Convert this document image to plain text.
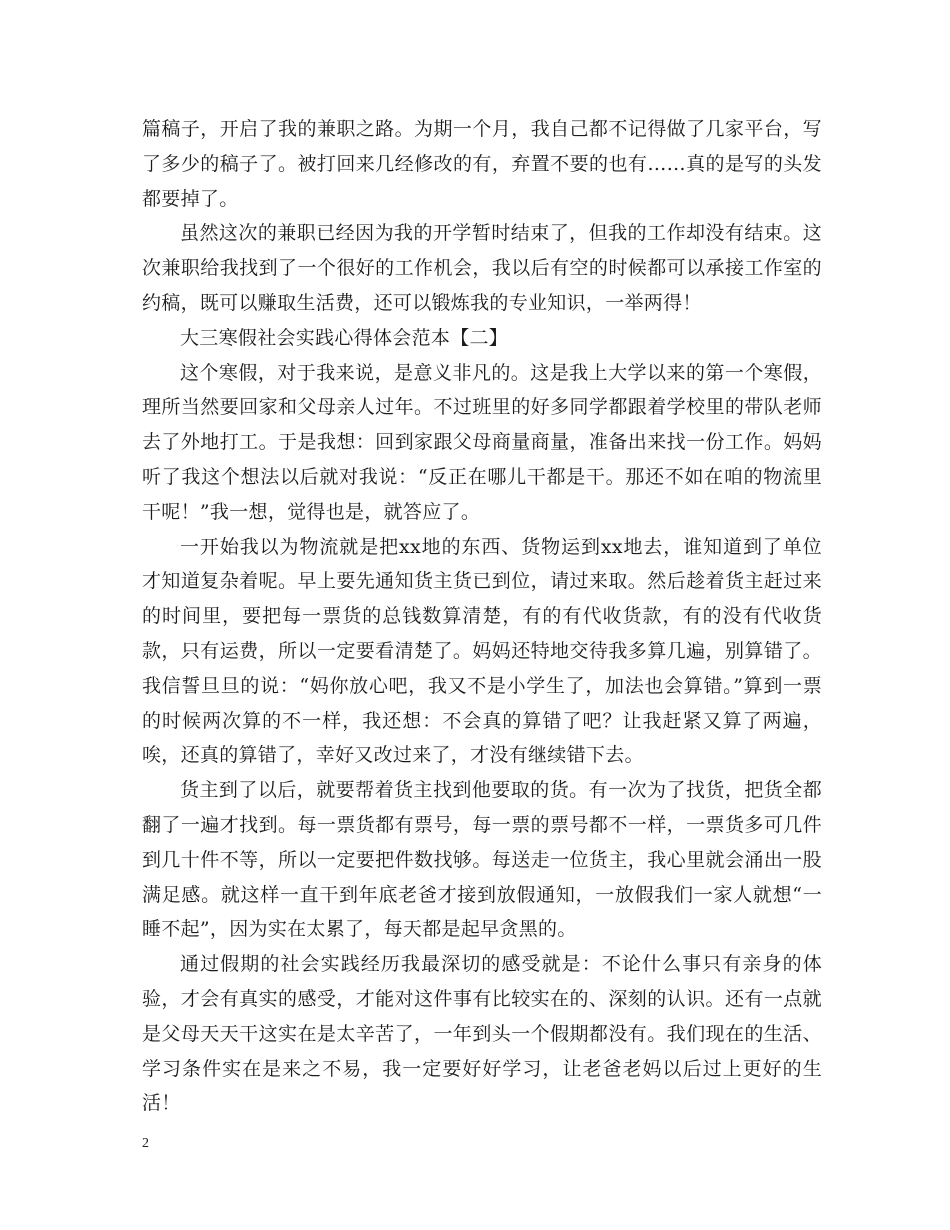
篇稿子，开启了我的兼职之路。为期一个月，我自己都不记得做了几家平台，写了多少的稿子了。被打回来几经修改的有，弃置不要的也有……真的是写的头发都要掉了。

虽然这次的兼职已经因为我的开学暂时结束了，但我的工作却没有结束。这次兼职给我找到了一个很好的工作机会，我以后有空的时候都可以承接工作室的约稿，既可以赚取生活费，还可以锻炼我的专业知识，一举两得！

大三寒假社会实践心得体会范本【二】

这个寒假，对于我来说，是意义非凡的。这是我上大学以来的第一个寒假，理所当然要回家和父母亲人过年。不过班里的好多同学都跟着学校里的带队老师去了外地打工。于是我想：回到家跟父母商量商量，准备出来找一份工作。妈妈听了我这个想法以后就对我说：“反正在哪儿干都是干。那还不如在咱的物流里干呢！”我一想，觉得也是，就答应了。

一开始我以为物流就是把xx地的东西、货物运到xx地去，谁知道到了单位才知道复杂着呢。早上要先通知货主货已到位，请过来取。然后趁着货主赶过来的时间里，要把每一票货的总钱数算清楚，有的有代收货款，有的没有代收货款，只有运费，所以一定要看清楚了。妈妈还特地交待我多算几遍，别算错了。我信誓旦旦的说：“妈你放心吧，我又不是小学生了，加法也会算错。”算到一票的时候两次算的不一样，我还想：不会真的算错了吧？让我赶紧又算了两遍，唉，还真的算错了，幸好又改过来了，才没有继续错下去。

货主到了以后，就要帮着货主找到他要取的货。有一次为了找货，把货全都翻了一遍才找到。每一票货都有票号，每一票的票号都不一样，一票货多可几件到几十件不等，所以一定要把件数找够。每送走一位货主，我心里就会涌出一股满足感。就这样一直干到年底老爸才接到放假通知，一放假我们一家人就想“一睡不起”，因为实在太累了，每天都是起早贪黑的。

通过假期的社会实践经历我最深切的感受就是：不论什么事只有亲身的体验，才会有真实的感受，才能对这件事有比较实在的、深刻的认识。还有一点就是父母天天干这实在是太辛苦了，一年到头一个假期都没有。我们现在的生活、学习条件实在是来之不易，我一定要好好学习，让老爸老妈以后过上更好的生活！

2
